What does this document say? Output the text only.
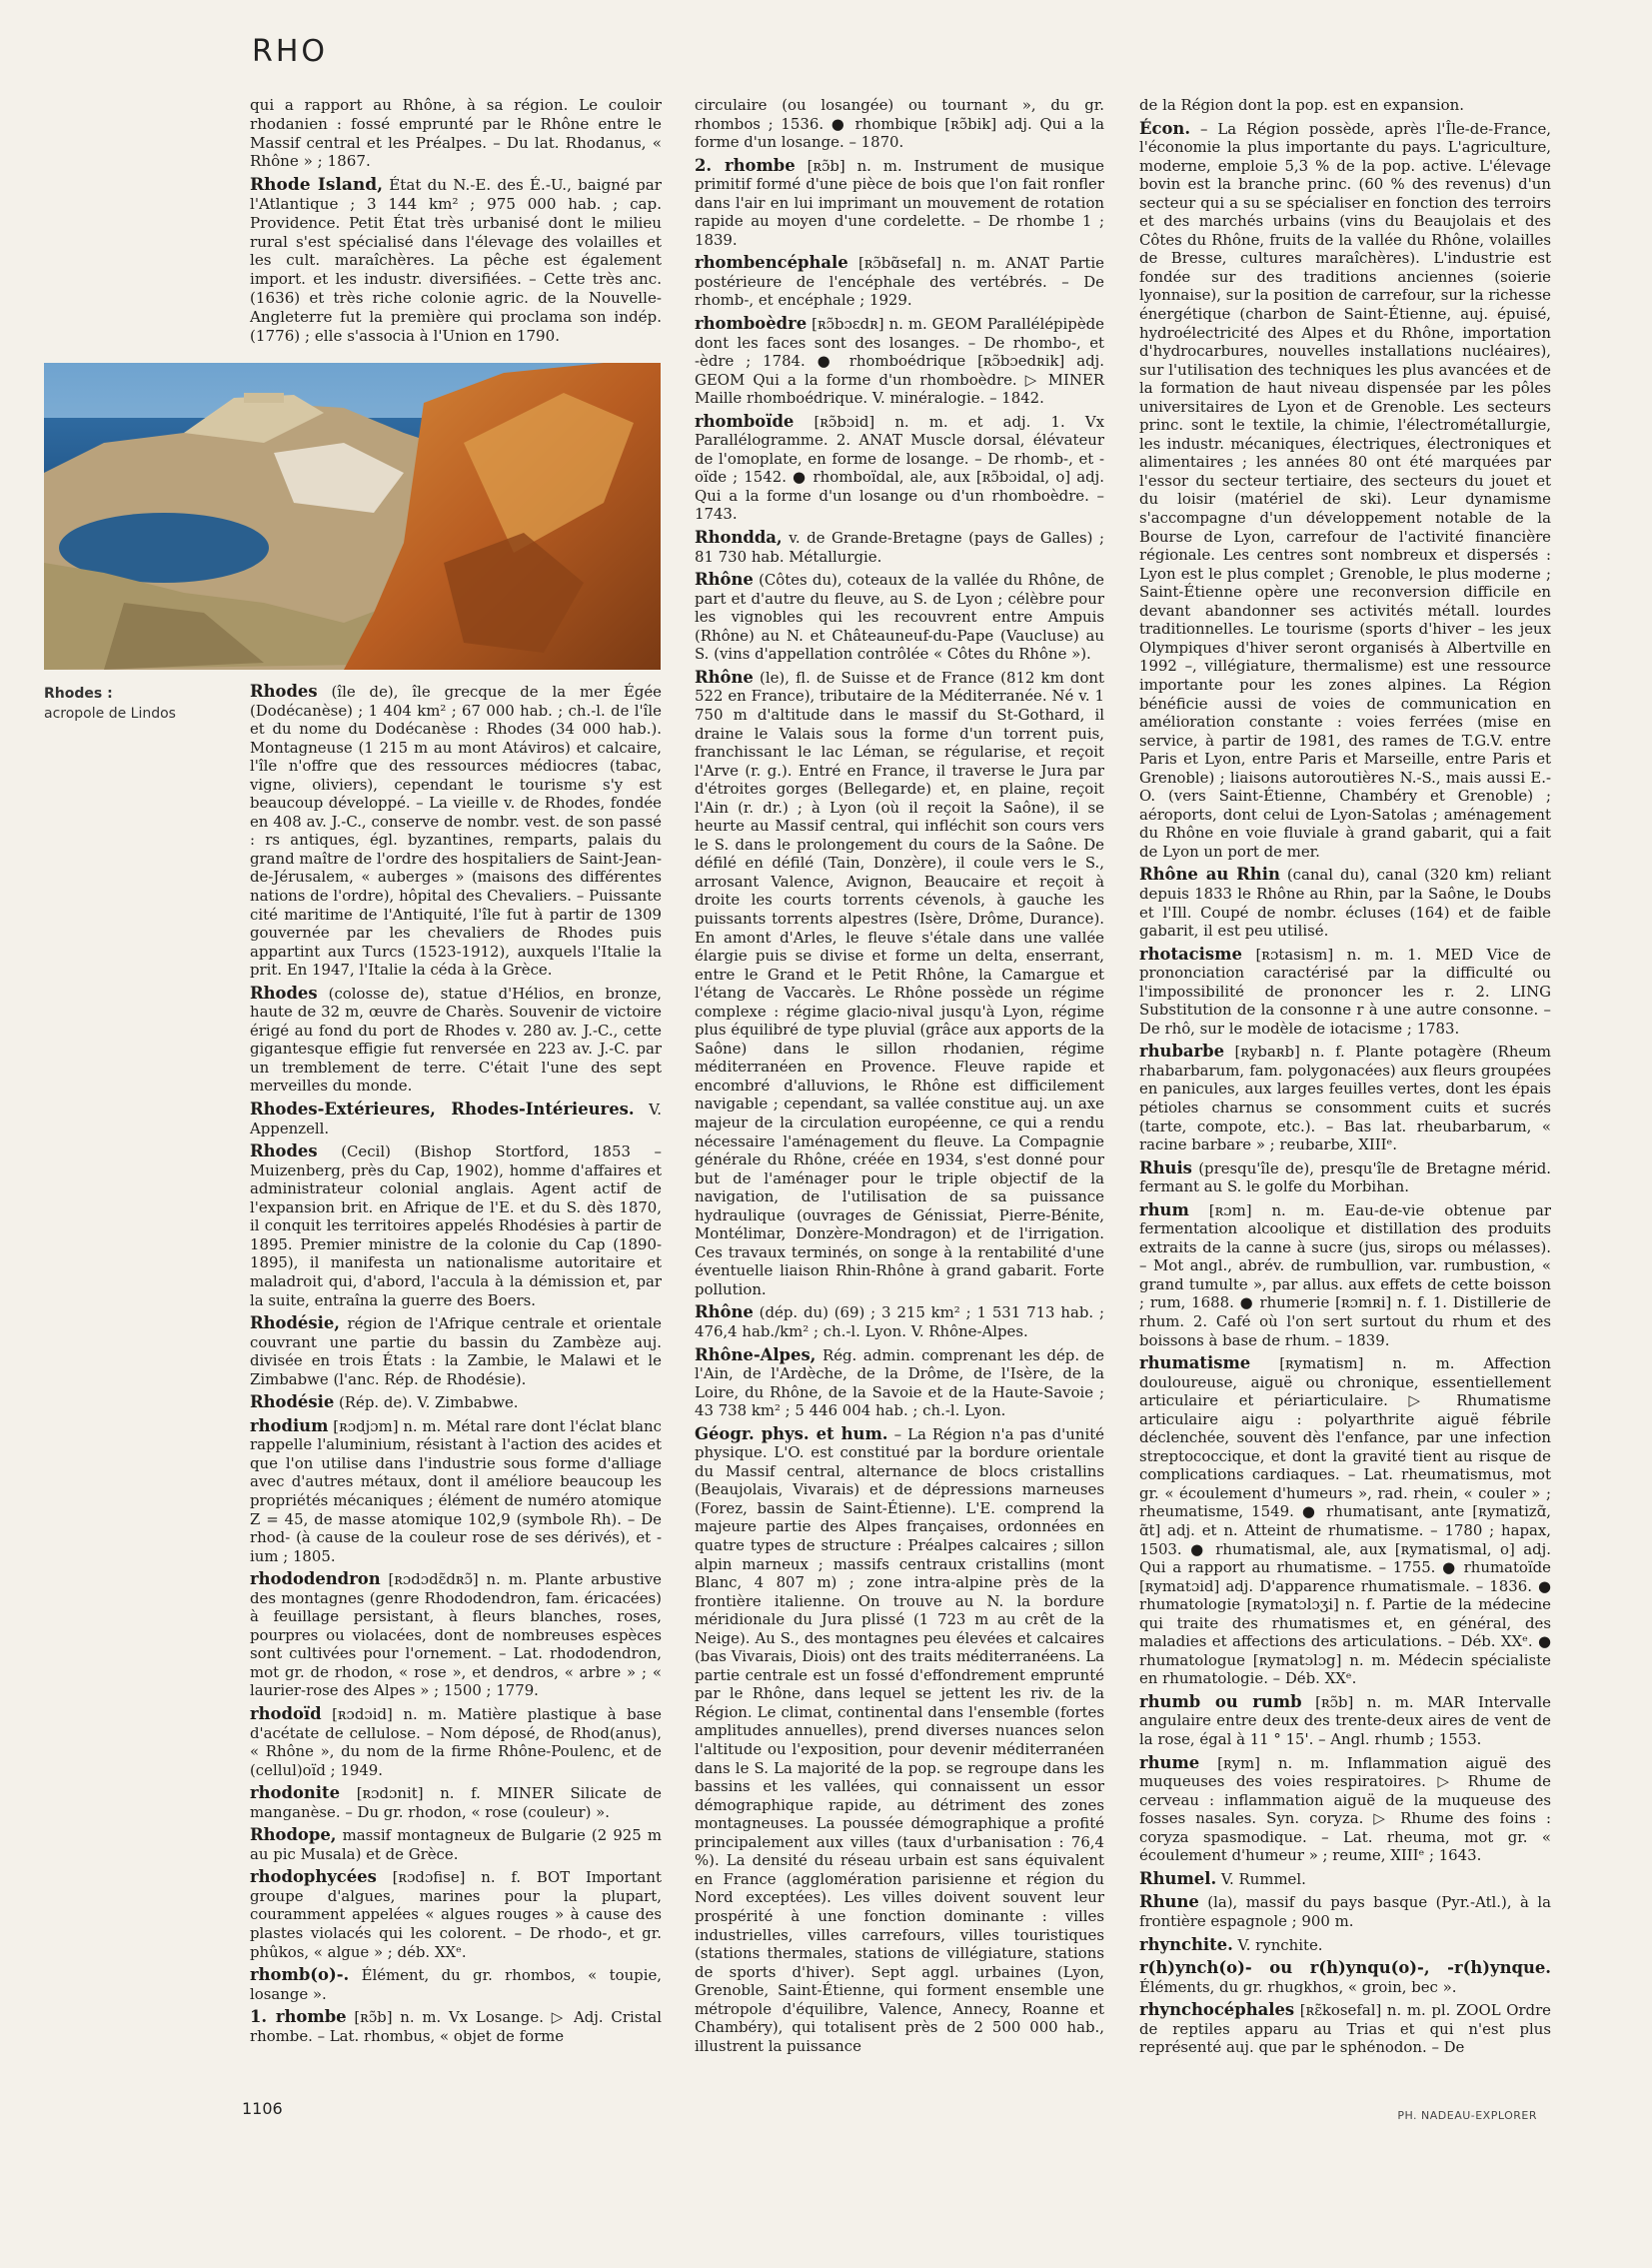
RHO
qui a rapport au Rhône, à sa région. Le couloir rhodanien : fossé emprunté par le Rhône entre le Massif central et les Préalpes. – Du lat. Rhodanus, « Rhône » ; 1867.
Rhode Island, État du N.-E. des É.-U., baigné par l'Atlantique ; 3 144 km² ; 975 000 hab. ; cap. Providence. Petit État très urbanisé dont le milieu rural s'est spécialisé dans l'élevage des volailles et les cult. maraîchères. La pêche est également import. et les industr. diversifiées. – Cette très anc. (1636) et très riche colonie agric. de la Nouvelle-Angleterre fut la première qui proclama son indép. (1776) ; elle s'associa à l'Union en 1790.
Rhodes :
acropole de Lindos
Rhodes (île de), île grecque de la mer Égée (Dodécanèse) ; 1 404 km² ; 67 000 hab. ; ch.-l. de l'île et du nome du Dodécanèse : Rhodes (34 000 hab.). Montagneuse (1 215 m au mont Atáviros) et calcaire, l'île n'offre que des ressources médiocres (tabac, vigne, oliviers), cependant le tourisme s'y est beaucoup développé. – La vieille v. de Rhodes, fondée en 408 av. J.-C., conserve de nombr. vest. de son passé : rs antiques, égl. byzantines, remparts, palais du grand maître de l'ordre des hospitaliers de Saint-Jean-de-Jérusalem, « auberges » (maisons des différentes nations de l'ordre), hôpital des Chevaliers. – Puissante cité maritime de l'Antiquité, l'île fut à partir de 1309 gouvernée par les chevaliers de Rhodes puis appartint aux Turcs (1523-1912), auxquels l'Italie la prit. En 1947, l'Italie la céda à la Grèce.
Rhodes (colosse de), statue d'Hélios, en bronze, haute de 32 m, œuvre de Charès. Souvenir de victoire érigé au fond du port de Rhodes v. 280 av. J.-C., cette gigantesque effigie fut renversée en 223 av. J.-C. par un tremblement de terre. C'était l'une des sept merveilles du monde.
Rhodes-Extérieures, Rhodes-Intérieures. V. Appenzell.
Rhodes (Cecil) (Bishop Stortford, 1853 – Muizenberg, près du Cap, 1902), homme d'affaires et administrateur colonial anglais. Agent actif de l'expansion brit. en Afrique de l'E. et du S. dès 1870, il conquit les territoires appelés Rhodésies à partir de 1895. Premier ministre de la colonie du Cap (1890-1895), il manifesta un nationalisme autoritaire et maladroit qui, d'abord, l'accula à la démission et, par la suite, entraîna la guerre des Boers.
Rhodésie, région de l'Afrique centrale et orientale couvrant une partie du bassin du Zambèze auj. divisée en trois États : la Zambie, le Malawi et le Zimbabwe (l'anc. Rép. de Rhodésie).
Rhodésie (Rép. de). V. Zimbabwe.
rhodium [ʀɔdjɔm] n. m. Métal rare dont l'éclat blanc rappelle l'aluminium, résistant à l'action des acides et que l'on utilise dans l'industrie sous forme d'alliage avec d'autres métaux, dont il améliore beaucoup les propriétés mécaniques ; élément de numéro atomique Z = 45, de masse atomique 102,9 (symbole Rh). – De rhod- (à cause de la couleur rose de ses dérivés), et -ium ; 1805.
rhododendron [ʀɔdɔdɛ̃dʀɔ̃] n. m. Plante arbustive des montagnes (genre Rhododendron, fam. éricacées) à feuillage persistant, à fleurs blanches, roses, pourpres ou violacées, dont de nombreuses espèces sont cultivées pour l'ornement. – Lat. rhododendron, mot gr. de rhodon, « rose », et dendros, « arbre » ; « laurier-rose des Alpes » ; 1500 ; 1779.
rhodoïd [ʀɔdɔid] n. m. Matière plastique à base d'acétate de cellulose. – Nom déposé, de Rhod(anus), « Rhône », du nom de la firme Rhône-Poulenc, et de (cellul)oïd ; 1949.
rhodonite [ʀɔdɔnit] n. f. MINER Silicate de manganèse. – Du gr. rhodon, « rose (couleur) ».
Rhodope, massif montagneux de Bulgarie (2 925 m au pic Musala) et de Grèce.
rhodophycées [ʀɔdɔfise] n. f. BOT Important groupe d'algues, marines pour la plupart, couramment appelées « algues rouges » à cause des plastes violacés qui les colorent. – De rhodo-, et gr. phûkos, « algue » ; déb. XXᵉ.
rhomb(o)-. Élément, du gr. rhombos, « toupie, losange ».
1. rhombe [ʀɔ̃b] n. m. Vx Losange. ▷ Adj. Cristal rhombe. – Lat. rhombus, « objet de forme
circulaire (ou losangée) ou tournant », du gr. rhombos ; 1536. ● rhombique [ʀɔ̃bik] adj. Qui a la forme d'un losange. – 1870.
2. rhombe [ʀɔ̃b] n. m. Instrument de musique primitif formé d'une pièce de bois que l'on fait ronfler dans l'air en lui imprimant un mouvement de rotation rapide au moyen d'une cordelette. – De rhombe 1 ; 1839.
rhombencéphale [ʀɔ̃bɑ̃sefal] n. m. ANAT Partie postérieure de l'encéphale des vertébrés. – De rhomb-, et encéphale ; 1929.
rhomboèdre [ʀɔ̃bɔɛdʀ] n. m. GEOM Parallélépipède dont les faces sont des losanges. – De rhombo-, et -èdre ; 1784. ● rhomboédrique [ʀɔ̃bɔedʀik] adj. GEOM Qui a la forme d'un rhomboèdre. ▷ MINER Maille rhomboédrique. V. minéralogie. – 1842.
rhomboïde [ʀɔ̃bɔid] n. m. et adj. 1. Vx Parallélogramme. 2. ANAT Muscle dorsal, élévateur de l'omoplate, en forme de losange. – De rhomb-, et -oïde ; 1542. ● rhomboïdal, ale, aux [ʀɔ̃bɔidal, o] adj. Qui a la forme d'un losange ou d'un rhomboèdre. – 1743.
Rhondda, v. de Grande-Bretagne (pays de Galles) ; 81 730 hab. Métallurgie.
Rhône (Côtes du), coteaux de la vallée du Rhône, de part et d'autre du fleuve, au S. de Lyon ; célèbre pour les vignobles qui les recouvrent entre Ampuis (Rhône) au N. et Châteauneuf-du-Pape (Vaucluse) au S. (vins d'appellation contrôlée « Côtes du Rhône »).
Rhône (le), fl. de Suisse et de France (812 km dont 522 en France), tributaire de la Méditerranée. Né v. 1 750 m d'altitude dans le massif du St-Gothard, il draine le Valais sous la forme d'un torrent puis, franchissant le lac Léman, se régularise, et reçoit l'Arve (r. g.). Entré en France, il traverse le Jura par d'étroites gorges (Bellegarde) et, en plaine, reçoit l'Ain (r. dr.) ; à Lyon (où il reçoit la Saône), il se heurte au Massif central, qui infléchit son cours vers le S. dans le prolongement du cours de la Saône. De défilé en défilé (Tain, Donzère), il coule vers le S., arrosant Valence, Avignon, Beaucaire et reçoit à droite les courts torrents cévenols, à gauche les puissants torrents alpestres (Isère, Drôme, Durance). En amont d'Arles, le fleuve s'étale dans une vallée élargie puis se divise et forme un delta, enserrant, entre le Grand et le Petit Rhône, la Camargue et l'étang de Vaccarès. Le Rhône possède un régime complexe : régime glacio-nival jusqu'à Lyon, régime plus équilibré de type pluvial (grâce aux apports de la Saône) dans le sillon rhodanien, régime méditerranéen en Provence. Fleuve rapide et encombré d'alluvions, le Rhône est difficilement navigable ; cependant, sa vallée constitue auj. un axe majeur de la circulation européenne, ce qui a rendu nécessaire l'aménagement du fleuve. La Compagnie générale du Rhône, créée en 1934, s'est donné pour but de l'aménager pour le triple objectif de la navigation, de l'utilisation de sa puissance hydraulique (ouvrages de Génissiat, Pierre-Bénite, Montélimar, Donzère-Mondragon) et de l'irrigation. Ces travaux terminés, on songe à la rentabilité d'une éventuelle liaison Rhin-Rhône à grand gabarit. Forte pollution.
Rhône (dép. du) (69) ; 3 215 km² ; 1 531 713 hab. ; 476,4 hab./km² ; ch.-l. Lyon. V. Rhône-Alpes.
Rhône-Alpes, Rég. admin. comprenant les dép. de l'Ain, de l'Ardèche, de la Drôme, de l'Isère, de la Loire, du Rhône, de la Savoie et de la Haute-Savoie ; 43 738 km² ; 5 446 004 hab. ; ch.-l. Lyon.
Géogr. phys. et hum. – La Région n'a pas d'unité physique. L'O. est constitué par la bordure orientale du Massif central, alternance de blocs cristallins (Beaujolais, Vivarais) et de dépressions marneuses (Forez, bassin de Saint-Étienne). L'E. comprend la majeure partie des Alpes françaises, ordonnées en quatre types de structure : Préalpes calcaires ; sillon alpin marneux ; massifs centraux cristallins (mont Blanc, 4 807 m) ; zone intra-alpine près de la frontière italienne. On trouve au N. la bordure méridionale du Jura plissé (1 723 m au crêt de la Neige). Au S., des montagnes peu élevées et calcaires (bas Vivarais, Diois) ont des traits méditerranéens. La partie centrale est un fossé d'effondrement emprunté par le Rhône, dans lequel se jettent les riv. de la Région. Le climat, continental dans l'ensemble (fortes amplitudes annuelles), prend diverses nuances selon l'altitude ou l'exposition, pour devenir méditerranéen dans le S. La majorité de la pop. se regroupe dans les bassins et les vallées, qui connaissent un essor démographique rapide, au détriment des zones montagneuses. La poussée démographique a profité principalement aux villes (taux d'urbanisation : 76,4 %). La densité du réseau urbain est sans équivalent en France (agglomération parisienne et région du Nord exceptées). Les villes doivent souvent leur prospérité à une fonction dominante : villes industrielles, villes carrefours, villes touristiques (stations thermales, stations de villégiature, stations de sports d'hiver). Sept aggl. urbaines (Lyon, Grenoble, Saint-Étienne, qui forment ensemble une métropole d'équilibre, Valence, Annecy, Roanne et Chambéry), qui totalisent près de 2 500 000 hab., illustrent la puissance
de la Région dont la pop. est en expansion.
Écon. – La Région possède, après l'Île-de-France, l'économie la plus importante du pays. L'agriculture, moderne, emploie 5,3 % de la pop. active. L'élevage bovin est la branche princ. (60 % des revenus) d'un secteur qui a su se spécialiser en fonction des terroirs et des marchés urbains (vins du Beaujolais et des Côtes du Rhône, fruits de la vallée du Rhône, volailles de Bresse, cultures maraîchères). L'industrie est fondée sur des traditions anciennes (soierie lyonnaise), sur la position de carrefour, sur la richesse énergétique (charbon de Saint-Étienne, auj. épuisé, hydroélectricité des Alpes et du Rhône, importation d'hydrocarbures, nouvelles installations nucléaires), sur l'utilisation des techniques les plus avancées et de la formation de haut niveau dispensée par les pôles universitaires de Lyon et de Grenoble. Les secteurs princ. sont le textile, la chimie, l'électrométallurgie, les industr. mécaniques, électriques, électroniques et alimentaires ; les années 80 ont été marquées par l'essor du secteur tertiaire, des secteurs du jouet et du loisir (matériel de ski). Leur dynamisme s'accompagne d'un développement notable de la Bourse de Lyon, carrefour de l'activité financière régionale. Les centres sont nombreux et dispersés : Lyon est le plus complet ; Grenoble, le plus moderne ; Saint-Étienne opère une reconversion difficile en devant abandonner ses activités métall. lourdes traditionnelles. Le tourisme (sports d'hiver – les jeux Olympiques d'hiver seront organisés à Albertville en 1992 –, villégiature, thermalisme) est une ressource importante pour les zones alpines. La Région bénéficie aussi de voies de communication en amélioration constante : voies ferrées (mise en service, à partir de 1981, des rames de T.G.V. entre Paris et Lyon, entre Paris et Marseille, entre Paris et Grenoble) ; liaisons autoroutières N.-S., mais aussi E.-O. (vers Saint-Étienne, Chambéry et Grenoble) ; aéroports, dont celui de Lyon-Satolas ; aménagement du Rhône en voie fluviale à grand gabarit, qui a fait de Lyon un port de mer.
Rhône au Rhin (canal du), canal (320 km) reliant depuis 1833 le Rhône au Rhin, par la Saône, le Doubs et l'Ill. Coupé de nombr. écluses (164) et de faible gabarit, il est peu utilisé.
rhotacisme [ʀɔtasism] n. m. 1. MED Vice de prononciation caractérisé par la difficulté ou l'impossibilité de prononcer les r. 2. LING Substitution de la consonne r à une autre consonne. – De rhô, sur le modèle de iotacisme ; 1783.
rhubarbe [ʀybaʀb] n. f. Plante potagère (Rheum rhabarbarum, fam. polygonacées) aux fleurs groupées en panicules, aux larges feuilles vertes, dont les épais pétioles charnus se consomment cuits et sucrés (tarte, compote, etc.). – Bas lat. rheubarbarum, « racine barbare » ; reubarbe, XIIIᵉ.
Rhuis (presqu'île de), presqu'île de Bretagne mérid. fermant au S. le golfe du Morbihan.
rhum [ʀɔm] n. m. Eau-de-vie obtenue par fermentation alcoolique et distillation des produits extraits de la canne à sucre (jus, sirops ou mélasses). – Mot angl., abrév. de rumbullion, var. rumbustion, « grand tumulte », par allus. aux effets de cette boisson ; rum, 1688. ● rhumerie [ʀɔmʀi] n. f. 1. Distillerie de rhum. 2. Café où l'on sert surtout du rhum et des boissons à base de rhum. – 1839.
rhumatisme [ʀymatism] n. m. Affection douloureuse, aiguë ou chronique, essentiellement articulaire et périarticulaire. ▷ Rhumatisme articulaire aigu : polyarthrite aiguë fébrile déclenchée, souvent dès l'enfance, par une infection streptococcique, et dont la gravité tient au risque de complications cardiaques. – Lat. rheumatismus, mot gr. « écoulement d'humeurs », rad. rhein, « couler » ; rheumatisme, 1549. ● rhumatisant, ante [ʀymatizɑ̃, ɑ̃t] adj. et n. Atteint de rhumatisme. – 1780 ; hapax, 1503. ● rhumatismal, ale, aux [ʀymatismal, o] adj. Qui a rapport au rhumatisme. – 1755. ● rhumatoïde [ʀymatɔid] adj. D'apparence rhumatismale. – 1836. ● rhumatologie [ʀymatɔlɔʒi] n. f. Partie de la médecine qui traite des rhumatismes et, en général, des maladies et affections des articulations. – Déb. XXᵉ. ● rhumatologue [ʀymatɔlɔg] n. m. Médecin spécialiste en rhumatologie. – Déb. XXᵉ.
rhumb ou rumb [ʀɔ̃b] n. m. MAR Intervalle angulaire entre deux des trente-deux aires de vent de la rose, égal à 11 ° 15'. – Angl. rhumb ; 1553.
rhume [ʀym] n. m. Inflammation aiguë des muqueuses des voies respiratoires. ▷ Rhume de cerveau : inflammation aiguë de la muqueuse des fosses nasales. Syn. coryza. ▷ Rhume des foins : coryza spasmodique. – Lat. rheuma, mot gr. « écoulement d'humeur » ; reume, XIIIᵉ ; 1643.
Rhumel. V. Rummel.
Rhune (la), massif du pays basque (Pyr.-Atl.), à la frontière espagnole ; 900 m.
rhynchite. V. rynchite.
r(h)ynch(o)- ou r(h)ynqu(o)-, -r(h)ynque. Éléments, du gr. rhugkhos, « groin, bec ».
rhynchocéphales [ʀɛ̃kosefal] n. m. pl. ZOOL Ordre de reptiles apparu au Trias et qui n'est plus représenté auj. que par le sphénodon. – De
1106	PH. NADEAU-EXPLORER
